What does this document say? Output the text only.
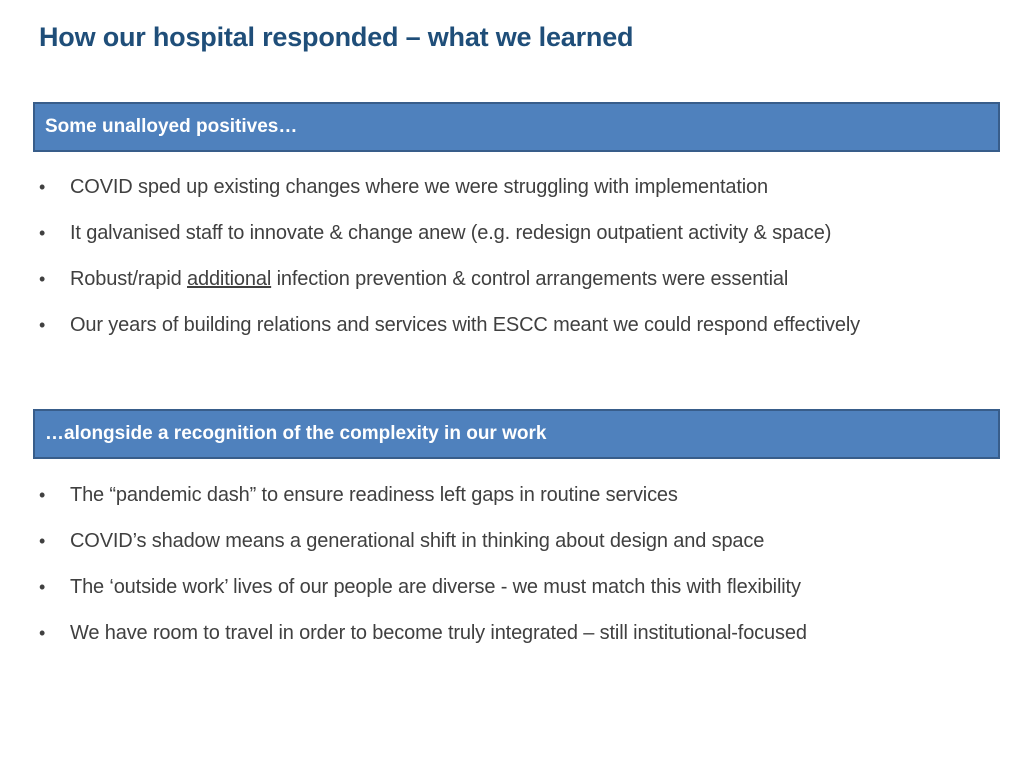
How our hospital responded – what we learned
Some unalloyed positives…
•	COVID sped up existing changes where we were struggling with implementation
•	It galvanised staff to innovate & change anew (e.g. redesign outpatient activity & space)
•	Robust/rapid additional infection prevention & control arrangements were essential
•	Our years of building relations and services with ESCC meant we could respond effectively
…alongside a recognition of the complexity in our work
•	The “pandemic dash” to ensure readiness left gaps in routine services
•	COVID’s shadow means a generational shift in thinking about design and space
•	The ‘outside work’ lives of our people are diverse - we must match this with flexibility
•	We have room to travel in order to become truly integrated – still institutional-focused
